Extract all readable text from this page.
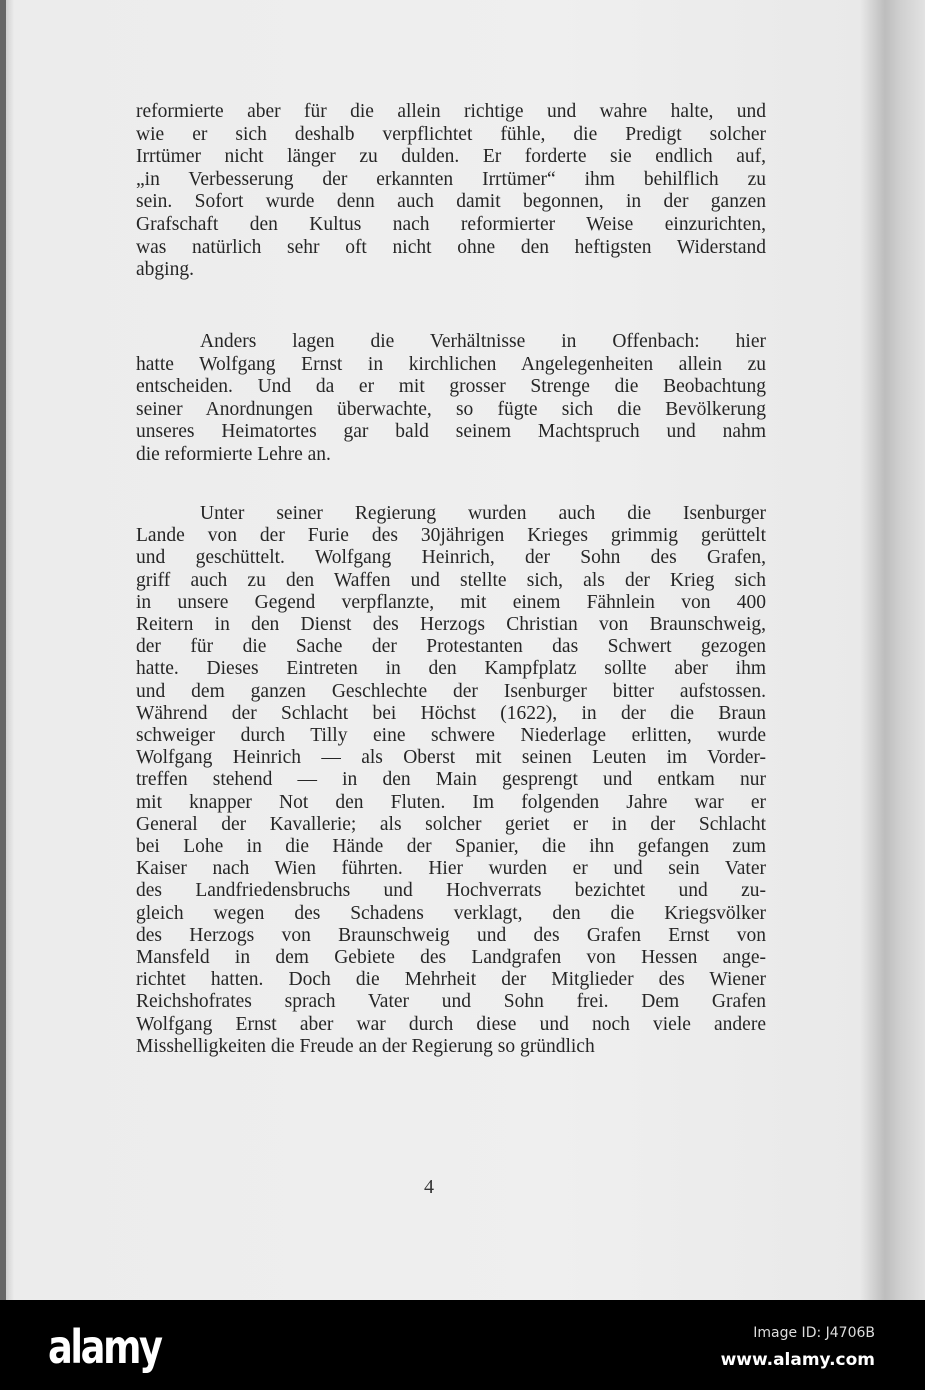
reformierte aber für die allein richtige und wahre halte, und
wie er sich deshalb verpflichtet fühle, die Predigt solcher
Irrtümer nicht länger zu dulden. Er forderte sie endlich auf,
„in Verbesserung der erkannten Irrtümer“ ihm behilflich zu
sein. Sofort wurde denn auch damit begonnen, in der ganzen
Grafschaft den Kultus nach reformierter Weise einzurichten,
was natürlich sehr oft nicht ohne den heftigsten Widerstand
abging.
Anders lagen die Verhältnisse in Offenbach: hier
hatte Wolfgang Ernst in kirchlichen Angelegenheiten allein zu
entscheiden. Und da er mit grosser Strenge die Beobachtung
seiner Anordnungen überwachte, so fügte sich die Bevölkerung
unseres Heimatortes gar bald seinem Machtspruch und nahm
die reformierte Lehre an.
Unter seiner Regierung wurden auch die Isenburger
Lande von der Furie des 30jährigen Krieges grimmig gerüttelt
und geschüttelt. Wolfgang Heinrich, der Sohn des Grafen,
griff auch zu den Waffen und stellte sich, als der Krieg sich
in unsere Gegend verpflanzte, mit einem Fähnlein von 400
Reitern in den Dienst des Herzogs Christian von Braunschweig,
der für die Sache der Protestanten das Schwert gezogen
hatte. Dieses Eintreten in den Kampfplatz sollte aber ihm
und dem ganzen Geschlechte der Isenburger bitter aufstossen.
Während der Schlacht bei Höchst (1622), in der die Braun
schweiger durch Tilly eine schwere Niederlage erlitten, wurde
Wolfgang Heinrich — als Oberst mit seinen Leuten im Vorder-
treffen stehend — in den Main gesprengt und entkam nur
mit knapper Not den Fluten. Im folgenden Jahre war er
General der Kavallerie; als solcher geriet er in der Schlacht
bei Lohe in die Hände der Spanier, die ihn gefangen zum
Kaiser nach Wien führten. Hier wurden er und sein Vater
des Landfriedensbruchs und Hochverrats bezichtet und zu-
gleich wegen des Schadens verklagt, den die Kriegsvölker
des Herzogs von Braunschweig und des Grafen Ernst von
Mansfeld in dem Gebiete des Landgrafen von Hessen ange-
richtet hatten. Doch die Mehrheit der Mitglieder des Wiener
Reichshofrates sprach Vater und Sohn frei. Dem Grafen
Wolfgang Ernst aber war durch diese und noch viele andere
Misshelligkeiten die Freude an der Regierung so gründlich
4
alamy	Image ID: J4706B
www.alamy.com
